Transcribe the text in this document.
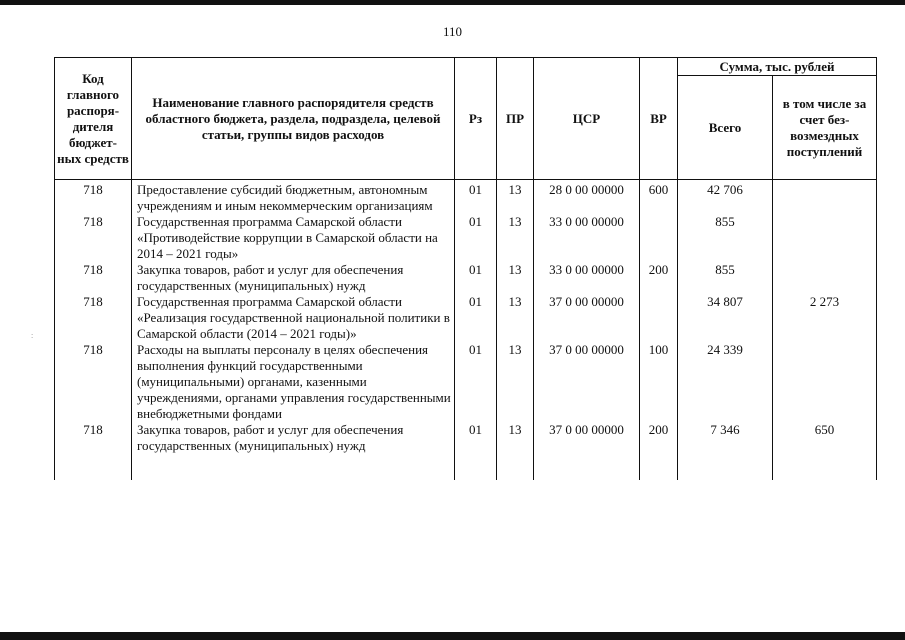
110
:
Код главного распоря-дителя бюджет-ных средств	Наименование главного распорядителя средств областного бюджета, раздела, подраздела, целевой статьи, группы видов расходов	Рз	ПР	ЦСР	ВР	Сумма, тыс. рублей	
						Всего	в том числе за счет без-возмездных поступлений
718	Предоставление субсидий бюджетным, автономным учреждениям и иным некоммерческим организациям	01	13	28 0 00 00000	600	42 706	
718	Государственная программа Самарской области «Противодействие коррупции в Самарской области на 2014 – 2021 годы»	01	13	33 0 00 00000		855	
718	Закупка товаров, работ и услуг для обеспечения государственных (муниципальных) нужд	01	13	33 0 00 00000	200	855	
718	Государственная программа Самарской области «Реализация государственной национальной политики в Самарской области (2014 – 2021 годы)»	01	13	37 0 00 00000		34 807	2 273
718	Расходы на выплаты персоналу в целях обеспечения выполнения функций государственными (муниципальными) органами, казенными учреждениями, органами управления государственными внебюджетными фондами	01	13	37 0 00 00000	100	24 339	
718	Закупка товаров, работ и услуг для обеспечения государственных (муниципальных) нужд	01	13	37 0 00 00000	200	7 346	650
